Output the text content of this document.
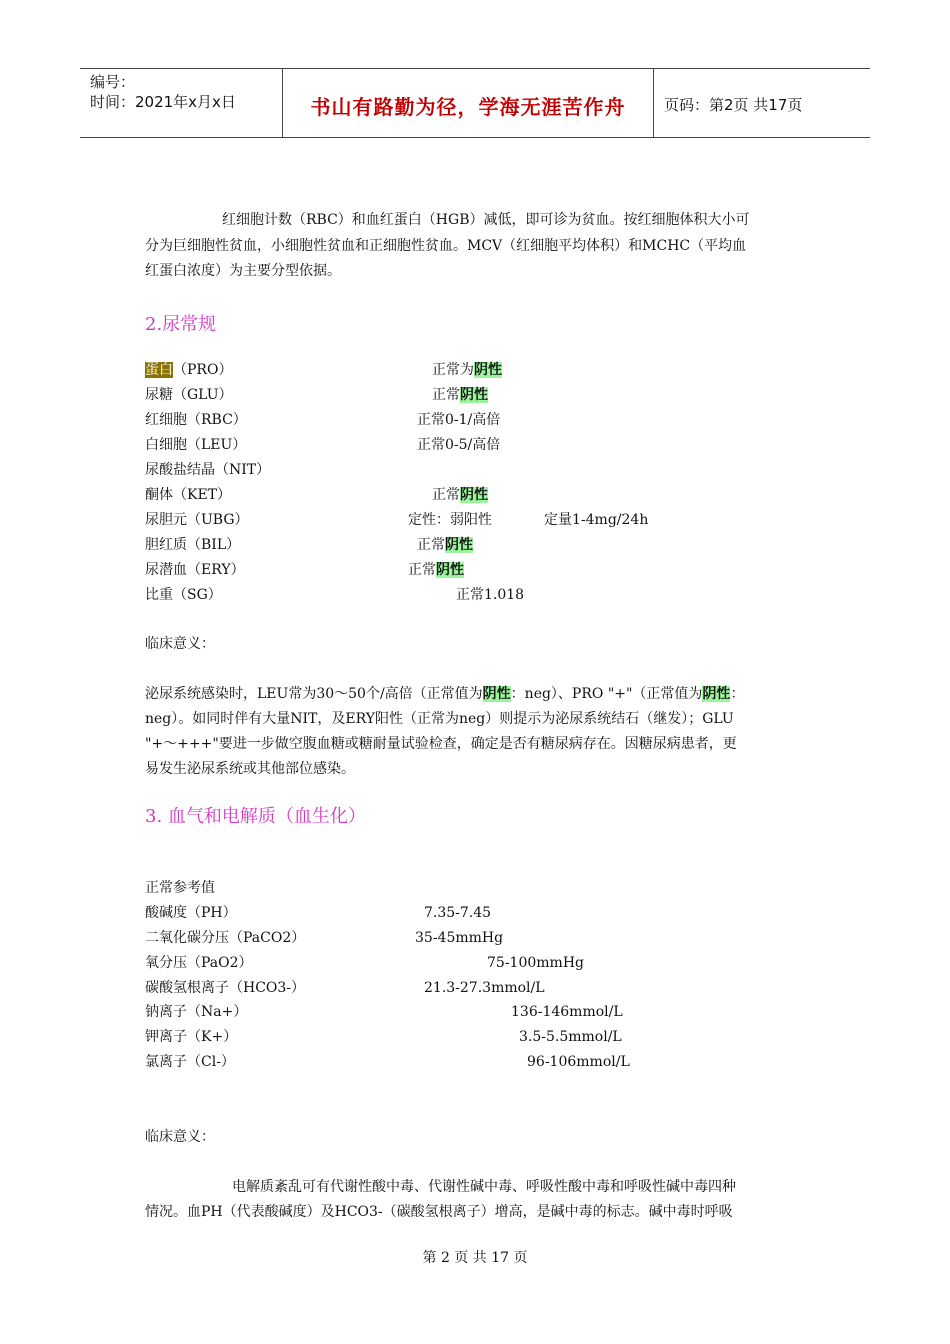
编号：
时间：2021年x月x日	书山有路勤为径，学海无涯苦作舟	页码：第2页 共17页
红细胞计数（RBC）和血红蛋白（HGB）减低，即可诊为贫血。按红细胞体积大小可
分为巨细胞性贫血，小细胞性贫血和正细胞性贫血。MCV（红细胞平均体积）和MCHC（平均血
红蛋白浓度）为主要分型依据。
2.尿常规
蛋白（PRO）	正常为阴性
尿糖（GLU）	正常阴性
红细胞（RBC）	正常0-1/高倍
白细胞（LEU）	正常0-5/高倍
尿酸盐结晶（NIT）
酮体（KET）	正常阴性
尿胆元（UBG）	定性：弱阳性	定量1-4mg/24h
胆红质（BIL）	正常阴性
尿潜血（ERY）	正常阴性
比重（SG）	正常1.018
临床意义：
泌尿系统感染时，LEU常为30～50个/高倍（正常值为阴性：neg）、PRO "+"（正常值为阴性：
neg）。如同时伴有大量NIT，及ERY阳性（正常为neg）则提示为泌尿系统结石（继发）；GLU
"+～+++"要进一步做空腹血糖或糖耐量试验检查，确定是否有糖尿病存在。因糖尿病患者，更
易发生泌尿系统或其他部位感染。
3. 血气和电解质（血生化）
正常参考值
酸碱度（PH）	7.35-7.45
二氧化碳分压（PaCO2）	35-45mmHg
氧分压（PaO2）	75-100mmHg
碳酸氢根离子（HCO3-）	21.3-27.3mmol/L
钠离子（Na+）	136-146mmol/L
钾离子（K+）	3.5-5.5mmol/L
氯离子（Cl-）	96-106mmol/L
临床意义：
电解质紊乱可有代谢性酸中毒、代谢性碱中毒、呼吸性酸中毒和呼吸性碱中毒四种
情况。血PH（代表酸碱度）及HCO3-（碳酸氢根离子）增高，是碱中毒的标志。碱中毒时呼吸
第 2 页 共 17 页
